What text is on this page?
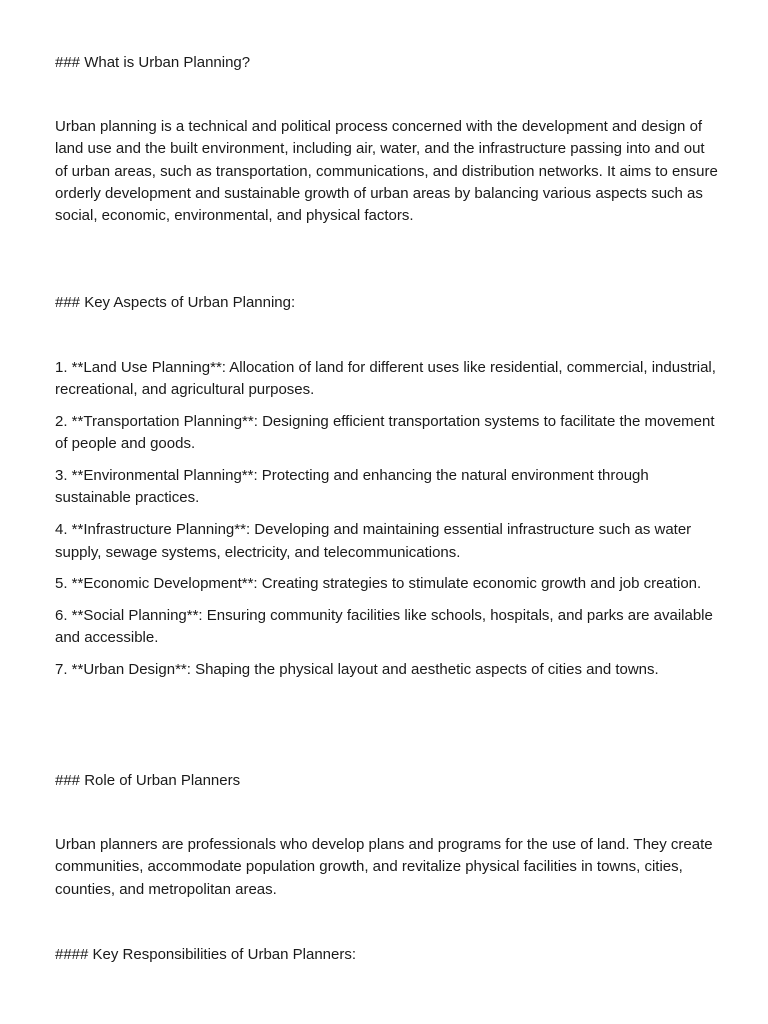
### What is Urban Planning?

Urban planning is a technical and political process concerned with the development and design of land use and the built environment, including air, water, and the infrastructure passing into and out of urban areas, such as transportation, communications, and distribution networks. It aims to ensure orderly development and sustainable growth of urban areas by balancing various aspects such as social, economic, environmental, and physical factors.

### Key Aspects of Urban Planning:

1. **Land Use Planning**: Allocation of land for different uses like residential, commercial, industrial, recreational, and agricultural purposes.
2. **Transportation Planning**: Designing efficient transportation systems to facilitate the movement of people and goods.
3. **Environmental Planning**: Protecting and enhancing the natural environment through sustainable practices.
4. **Infrastructure Planning**: Developing and maintaining essential infrastructure such as water supply, sewage systems, electricity, and telecommunications.
5. **Economic Development**: Creating strategies to stimulate economic growth and job creation.
6. **Social Planning**: Ensuring community facilities like schools, hospitals, and parks are available and accessible.
7. **Urban Design**: Shaping the physical layout and aesthetic aspects of cities and towns.

### Role of Urban Planners

Urban planners are professionals who develop plans and programs for the use of land. They create communities, accommodate population growth, and revitalize physical facilities in towns, cities, counties, and metropolitan areas.

#### Key Responsibilities of Urban Planners:
